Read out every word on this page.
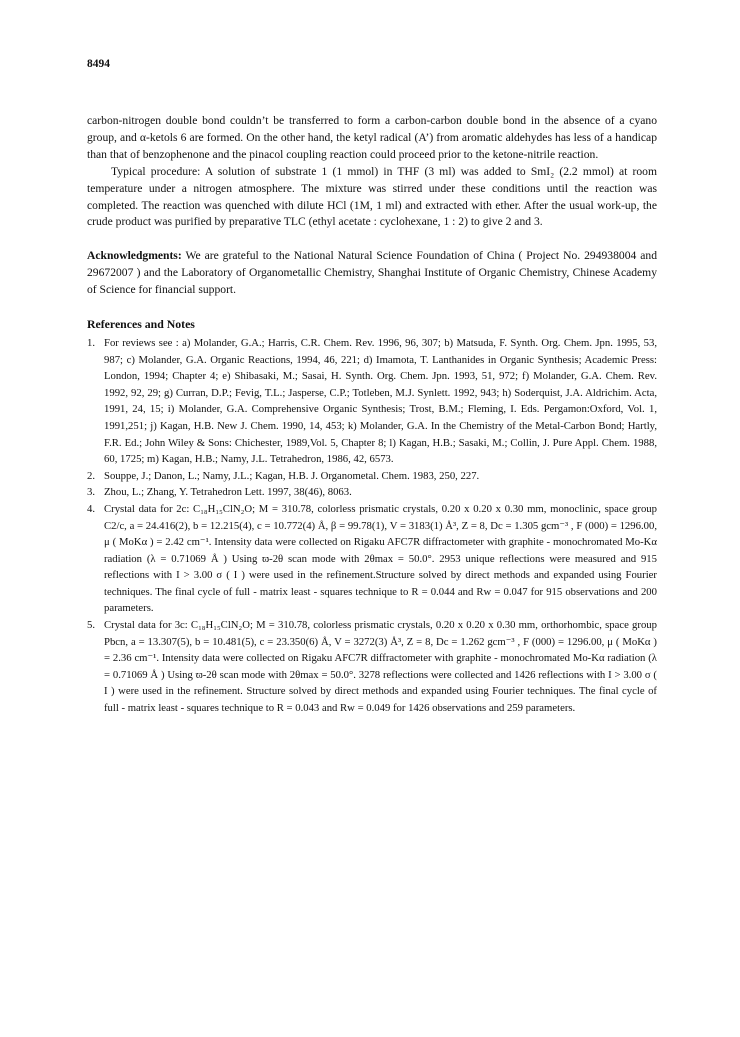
8494

carbon-nitrogen double bond couldn’t be transferred to form a carbon-carbon double bond in the absence of a cyano group, and α-ketols 6 are formed. On the other hand, the ketyl radical (A’) from aromatic aldehydes has less of a handicap than that of benzophenone and the pinacol coupling reaction could proceed prior to the ketone-nitrile reaction.

Typical procedure: A solution of substrate 1 (1 mmol) in THF (3 ml) was added to SmI₂ (2.2 mmol) at room temperature under a nitrogen atmosphere. The mixture was stirred under these conditions until the reaction was completed. The reaction was quenched with dilute HCl (1M, 1 ml) and extracted with ether. After the usual work-up, the crude product was purified by preparative TLC (ethyl acetate : cyclohexane, 1 : 2) to give 2 and 3.

Acknowledgments: We are grateful to the National Natural Science Foundation of China ( Project No. 294938004 and 29672007 ) and the Laboratory of Organometallic Chemistry, Shanghai Institute of Organic Chemistry, Chinese Academy of Science for financial support.

References and Notes
1. For reviews see : a) Molander, G.A.; Harris, C.R. Chem. Rev. 1996, 96, 307; b) Matsuda, F. Synth. Org. Chem. Jpn. 1995, 53, 987; c) Molander, G.A. Organic Reactions, 1994, 46, 221; d) Imamota, T. Lanthanides in Organic Synthesis; Academic Press: London, 1994; Chapter 4; e) Shibasaki, M.; Sasai, H. Synth. Org. Chem. Jpn. 1993, 51, 972; f) Molander, G.A. Chem. Rev. 1992, 92, 29; g) Curran, D.P.; Fevig, T.L.; Jasperse, C.P.; Totleben, M.J. Synlett. 1992, 943; h) Soderquist, J.A. Aldrichim. Acta, 1991, 24, 15; i) Molander, G.A. Comprehensive Organic Synthesis; Trost, B.M.; Fleming, I. Eds. Pergamon:Oxford, Vol. 1, 1991,251; j) Kagan, H.B. New J. Chem. 1990, 14, 453; k) Molander, G.A. In the Chemistry of the Metal-Carbon Bond; Hartly, F.R. Ed.; John Wiley & Sons: Chichester, 1989,Vol. 5, Chapter 8; l) Kagan, H.B.; Sasaki, M.; Collin, J. Pure Appl. Chem. 1988, 60, 1725; m) Kagan, H.B.; Namy, J.L. Tetrahedron, 1986, 42, 6573.
2. Souppe, J.; Danon, L.; Namy, J.L.; Kagan, H.B. J. Organometal. Chem. 1983, 250, 227.
3. Zhou, L.; Zhang, Y. Tetrahedron Lett. 1997, 38(46), 8063.
4. Crystal data for 2c: C₁₈H₁₅ClN₂O; M = 310.78, colorless prismatic crystals, 0.20 x 0.20 x 0.30 mm, monoclinic, space group C2/c, a = 24.416(2), b = 12.215(4), c = 10.772(4) Å, β = 99.78(1), V = 3183(1) Å³, Z = 8, Dc = 1.305 gcm⁻³ , F (000) = 1296.00, μ ( MoKα ) = 2.42 cm⁻¹. Intensity data were collected on Rigaku AFC7R diffractometer with graphite - monochromated Mo-Kα radiation (λ = 0.71069 Å ) Using ϖ-2θ scan mode with 2θmax = 50.0°. 2953 unique reflections were measured and 915 reflections with I > 3.00 σ ( I ) were used in the refinement.Structure solved by direct methods and expanded using Fourier techniques. The final cycle of full - matrix least - squares technique to R = 0.044 and Rw = 0.047 for 915 observations and 200 parameters.
5. Crystal data for 3c: C₁₈H₁₅ClN₂O; M = 310.78, colorless prismatic crystals, 0.20 x 0.20 x 0.30 mm, orthorhombic, space group Pbcn, a = 13.307(5), b = 10.481(5), c = 23.350(6) Å, V = 3272(3) Å³, Z = 8, Dc = 1.262 gcm⁻³ , F (000) = 1296.00, μ ( MoKα ) = 2.36 cm⁻¹. Intensity data were collected on Rigaku AFC7R diffractometer with graphite - monochromated Mo-Kα radiation (λ = 0.71069 Å ) Using ϖ-2θ scan mode with 2θmax = 50.0°. 3278 reflections were collected and 1426 reflections with I > 3.00 σ ( I ) were used in the refinement. Structure solved by direct methods and expanded using Fourier techniques. The final cycle of full - matrix least - squares technique to R = 0.043 and Rw = 0.049 for 1426 observations and 259 parameters.
